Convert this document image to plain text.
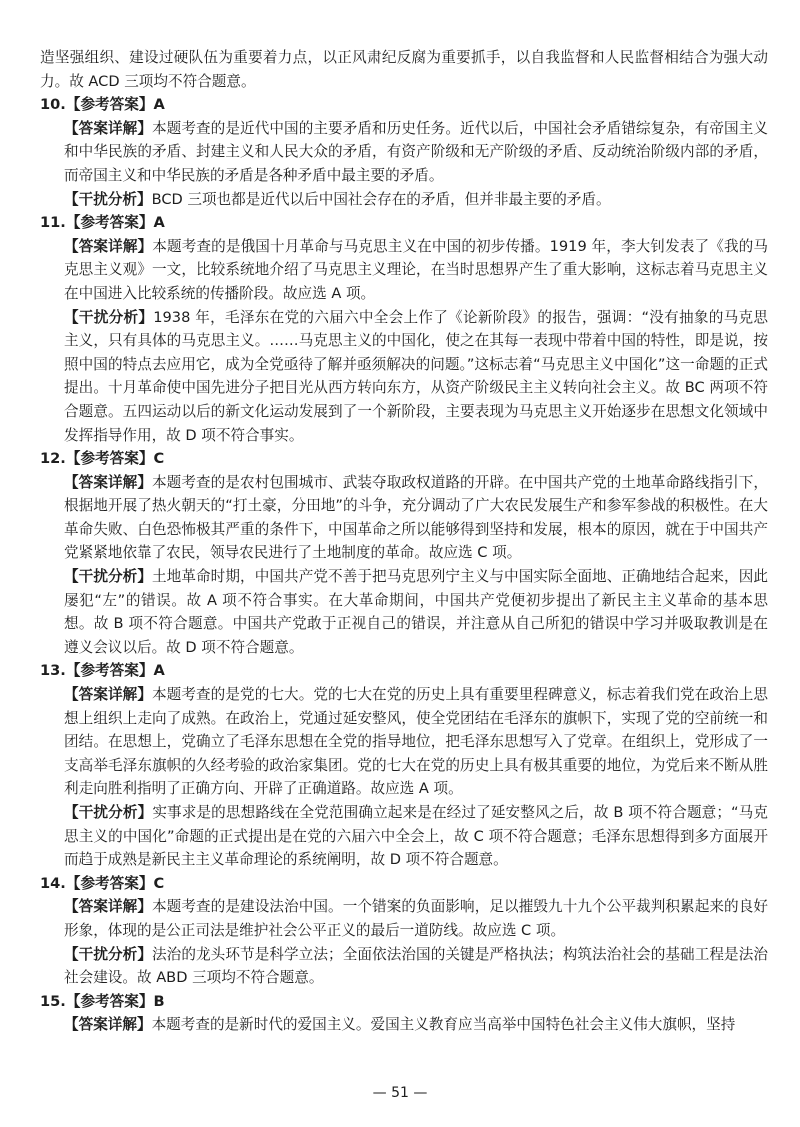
造坚强组织、建设过硬队伍为重要着力点，以正风肃纪反腐为重要抓手，以自我监督和人民监督相结合为强大动力。故 ACD 三项均不符合题意。

10.【参考答案】A

【答案详解】本题考查的是近代中国的主要矛盾和历史任务。近代以后，中国社会矛盾错综复杂，有帝国主义和中华民族的矛盾、封建主义和人民大众的矛盾，有资产阶级和无产阶级的矛盾、反动统治阶级内部的矛盾，而帝国主义和中华民族的矛盾是各种矛盾中最主要的矛盾。

【干扰分析】BCD 三项也都是近代以后中国社会存在的矛盾，但并非最主要的矛盾。

11.【参考答案】A

【答案详解】本题考查的是俄国十月革命与马克思主义在中国的初步传播。1919 年，李大钊发表了《我的马克思主义观》一文，比较系统地介绍了马克思主义理论，在当时思想界产生了重大影响，这标志着马克思主义在中国进入比较系统的传播阶段。故应选 A 项。

【干扰分析】1938 年，毛泽东在党的六届六中全会上作了《论新阶段》的报告，强调：“没有抽象的马克思主义，只有具体的马克思主义。……马克思主义的中国化，使之在其每一表现中带着中国的特性，即是说，按照中国的特点去应用它，成为全党亟待了解并亟须解决的问题。”这标志着“马克思主义中国化”这一命题的正式提出。十月革命使中国先进分子把目光从西方转向东方，从资产阶级民主主义转向社会主义。故 BC 两项不符合题意。五四运动以后的新文化运动发展到了一个新阶段，主要表现为马克思主义开始逐步在思想文化领域中发挥指导作用，故 D 项不符合事实。

12.【参考答案】C

【答案详解】本题考查的是农村包围城市、武装夺取政权道路的开辟。在中国共产党的土地革命路线指引下，根据地开展了热火朝天的“打土豪，分田地”的斗争，充分调动了广大农民发展生产和参军参战的积极性。在大革命失败、白色恐怖极其严重的条件下，中国革命之所以能够得到坚持和发展，根本的原因，就在于中国共产党紧紧地依靠了农民，领导农民进行了土地制度的革命。故应选 C 项。

【干扰分析】土地革命时期，中国共产党不善于把马克思列宁主义与中国实际全面地、正确地结合起来，因此屡犯“左”的错误。故 A 项不符合事实。在大革命期间，中国共产党便初步提出了新民主主义革命的基本思想。故 B 项不符合题意。中国共产党敢于正视自己的错误，并注意从自己所犯的错误中学习并吸取教训是在遵义会议以后。故 D 项不符合题意。

13.【参考答案】A

【答案详解】本题考查的是党的七大。党的七大在党的历史上具有重要里程碑意义，标志着我们党在政治上思想上组织上走向了成熟。在政治上，党通过延安整风，使全党团结在毛泽东的旗帜下，实现了党的空前统一和团结。在思想上，党确立了毛泽东思想在全党的指导地位，把毛泽东思想写入了党章。在组织上，党形成了一支高举毛泽东旗帜的久经考验的政治家集团。党的七大在党的历史上具有极其重要的地位，为党后来不断从胜利走向胜利指明了正确方向、开辟了正确道路。故应选 A 项。

【干扰分析】实事求是的思想路线在全党范围确立起来是在经过了延安整风之后，故 B 项不符合题意；“马克思主义的中国化”命题的正式提出是在党的六届六中全会上，故 C 项不符合题意；毛泽东思想得到多方面展开而趋于成熟是新民主主义革命理论的系统阐明，故 D 项不符合题意。

14.【参考答案】C

【答案详解】本题考查的是建设法治中国。一个错案的负面影响，足以摧毁九十九个公平裁判积累起来的良好形象，体现的是公正司法是维护社会公平正义的最后一道防线。故应选 C 项。

【干扰分析】法治的龙头环节是科学立法；全面依法治国的关键是严格执法；构筑法治社会的基础工程是法治社会建设。故 ABD 三项均不符合题意。

15.【参考答案】B

【答案详解】本题考查的是新时代的爱国主义。爱国主义教育应当高举中国特色社会主义伟大旗帜，坚持

— 51 —
